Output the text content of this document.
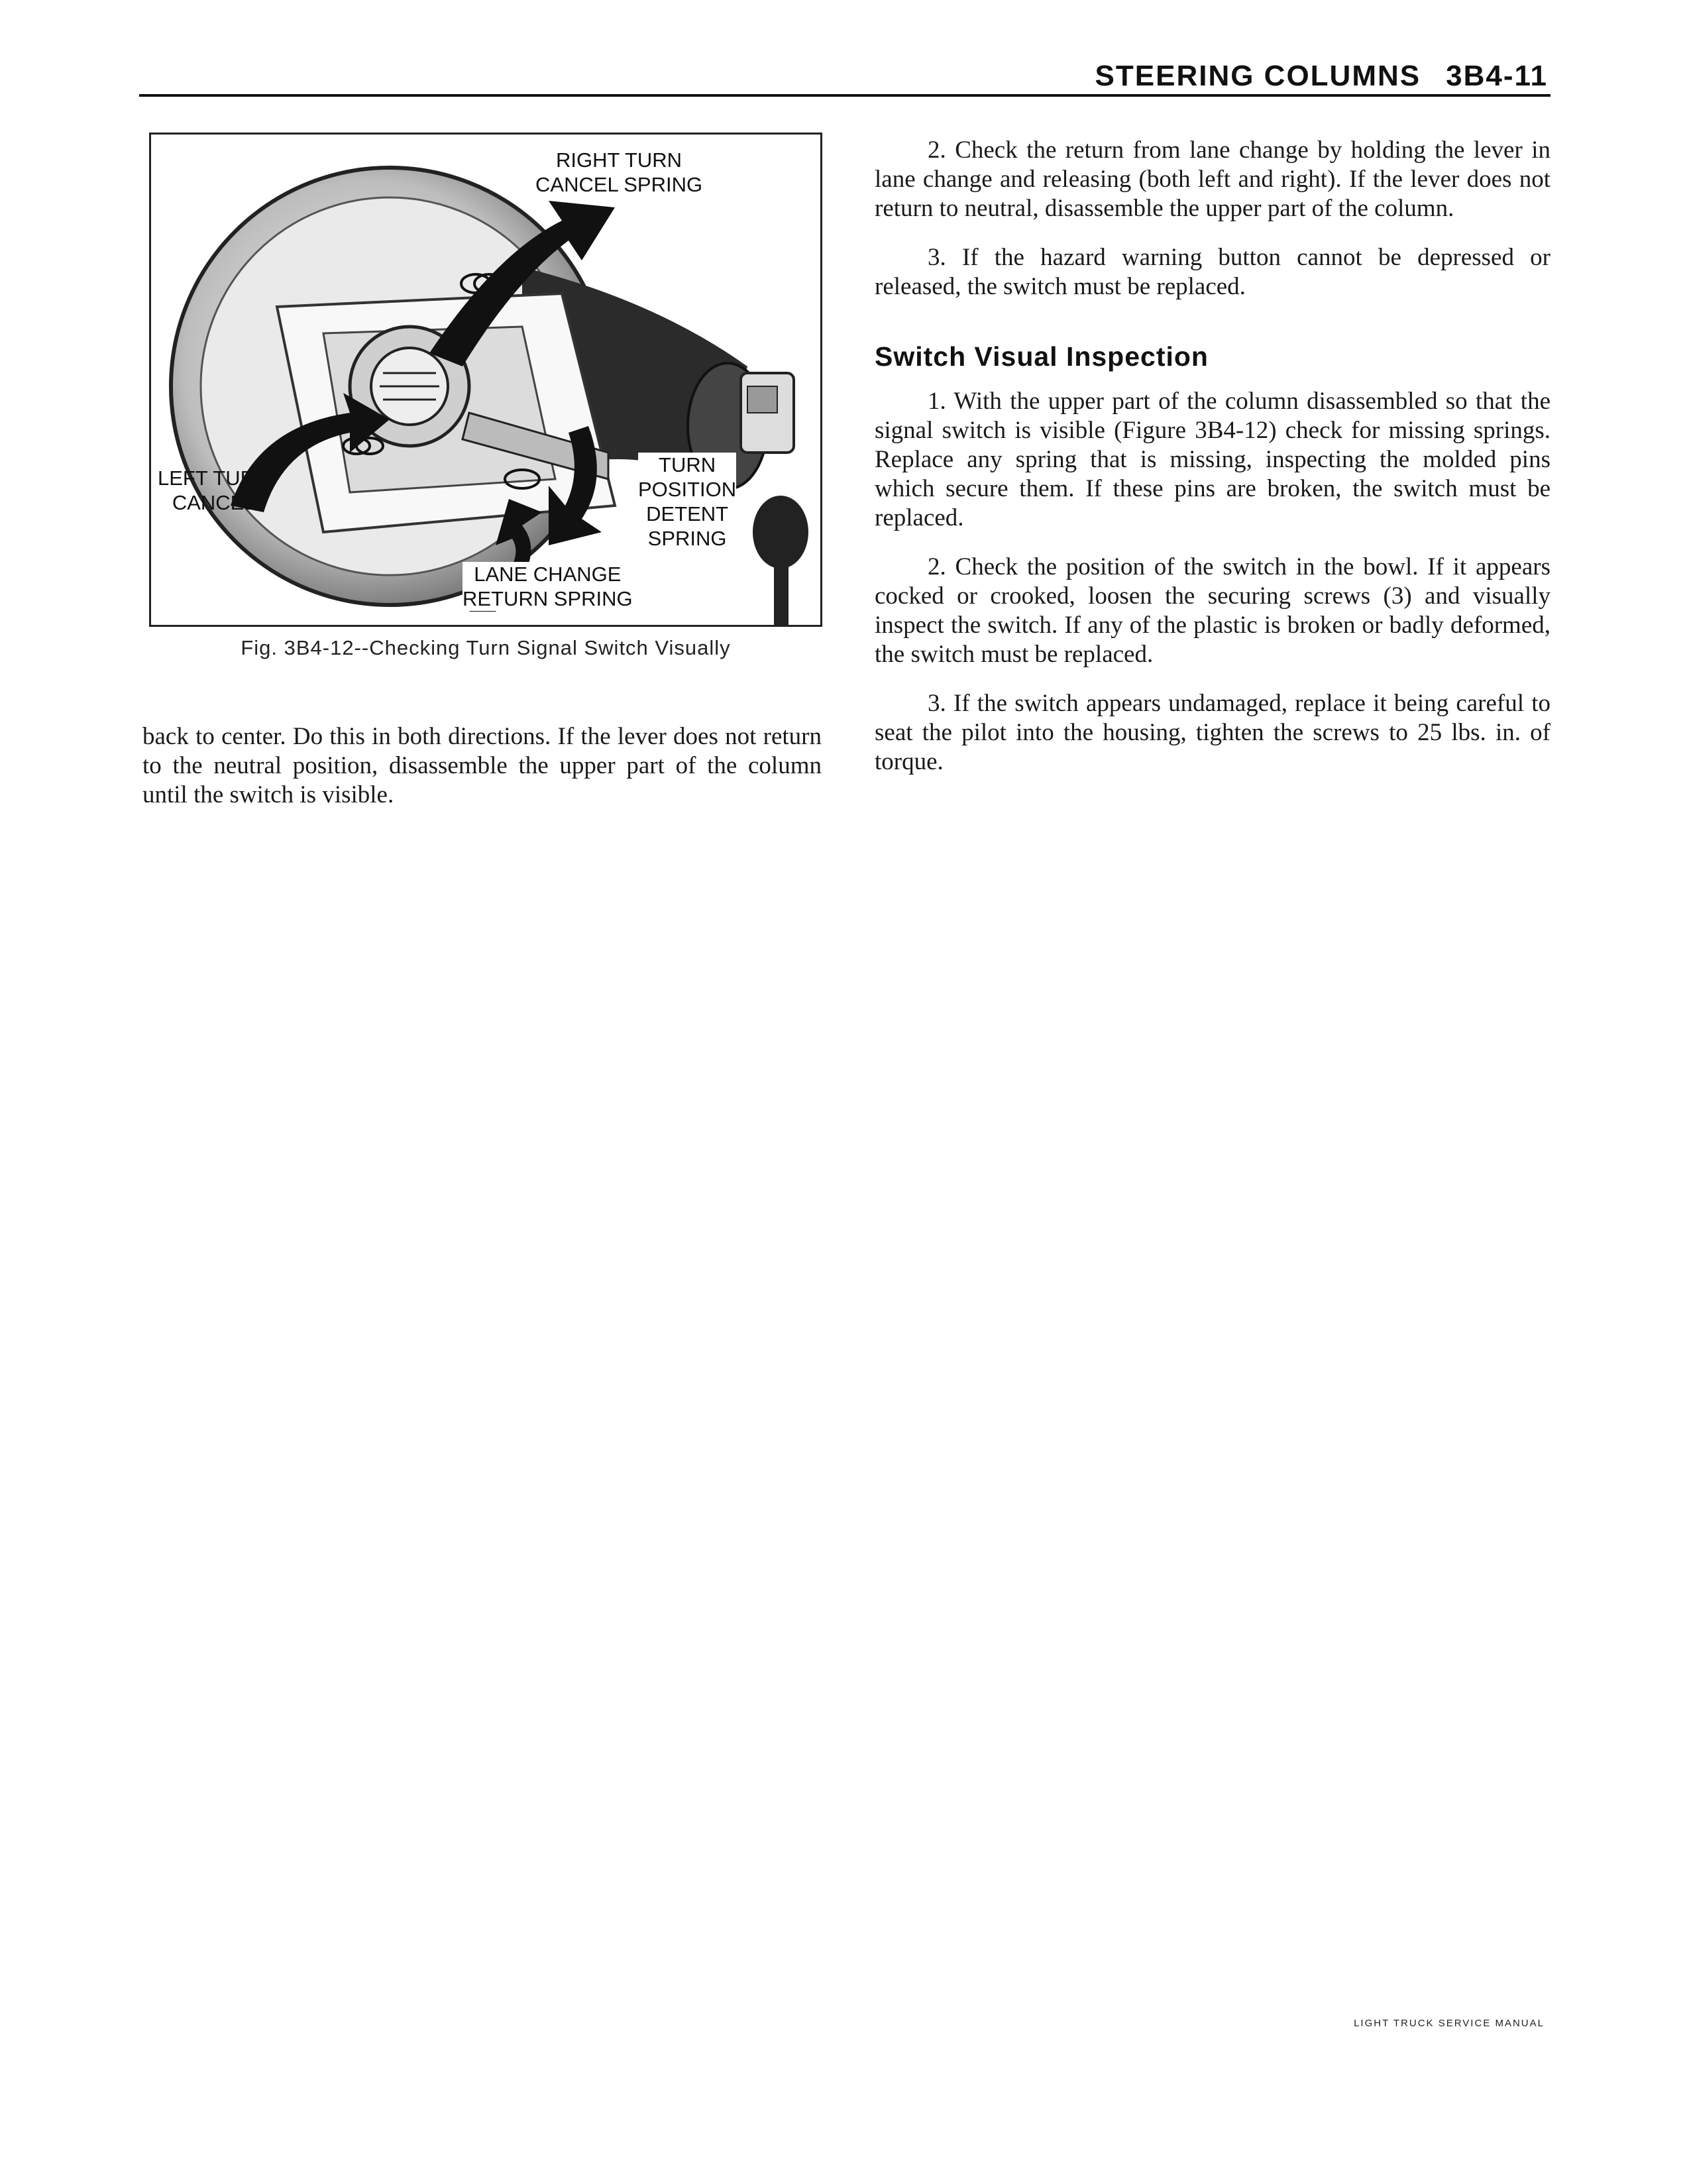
STEERING COLUMNS 3B4-11
RIGHT TURN
CANCEL SPRING
LEFT TURN
CANCEL
TURN
POSITION
DETENT
SPRING
LANE CHANGE
RETURN SPRING
Fig. 3B4-12--Checking Turn Signal Switch Visually

back to center. Do this in both directions. If the lever does not return to the neutral position, disassemble the upper part of the column until the switch is visible.

2. Check the return from lane change by holding the lever in lane change and releasing (both left and right). If the lever does not return to neutral, disassemble the upper part of the column.

3. If the hazard warning button cannot be depressed or released, the switch must be replaced.

Switch Visual Inspection

1. With the upper part of the column disassembled so that the signal switch is visible (Figure 3B4-12) check for missing springs. Replace any spring that is missing, inspecting the molded pins which secure them. If these pins are broken, the switch must be replaced.

2. Check the position of the switch in the bowl. If it appears cocked or crooked, loosen the securing screws (3) and visually inspect the switch. If any of the plastic is broken or badly deformed, the switch must be replaced.

3. If the switch appears undamaged, replace it being careful to seat the pilot into the housing, tighten the screws to 25 lbs. in. of torque.

LIGHT TRUCK SERVICE MANUAL
